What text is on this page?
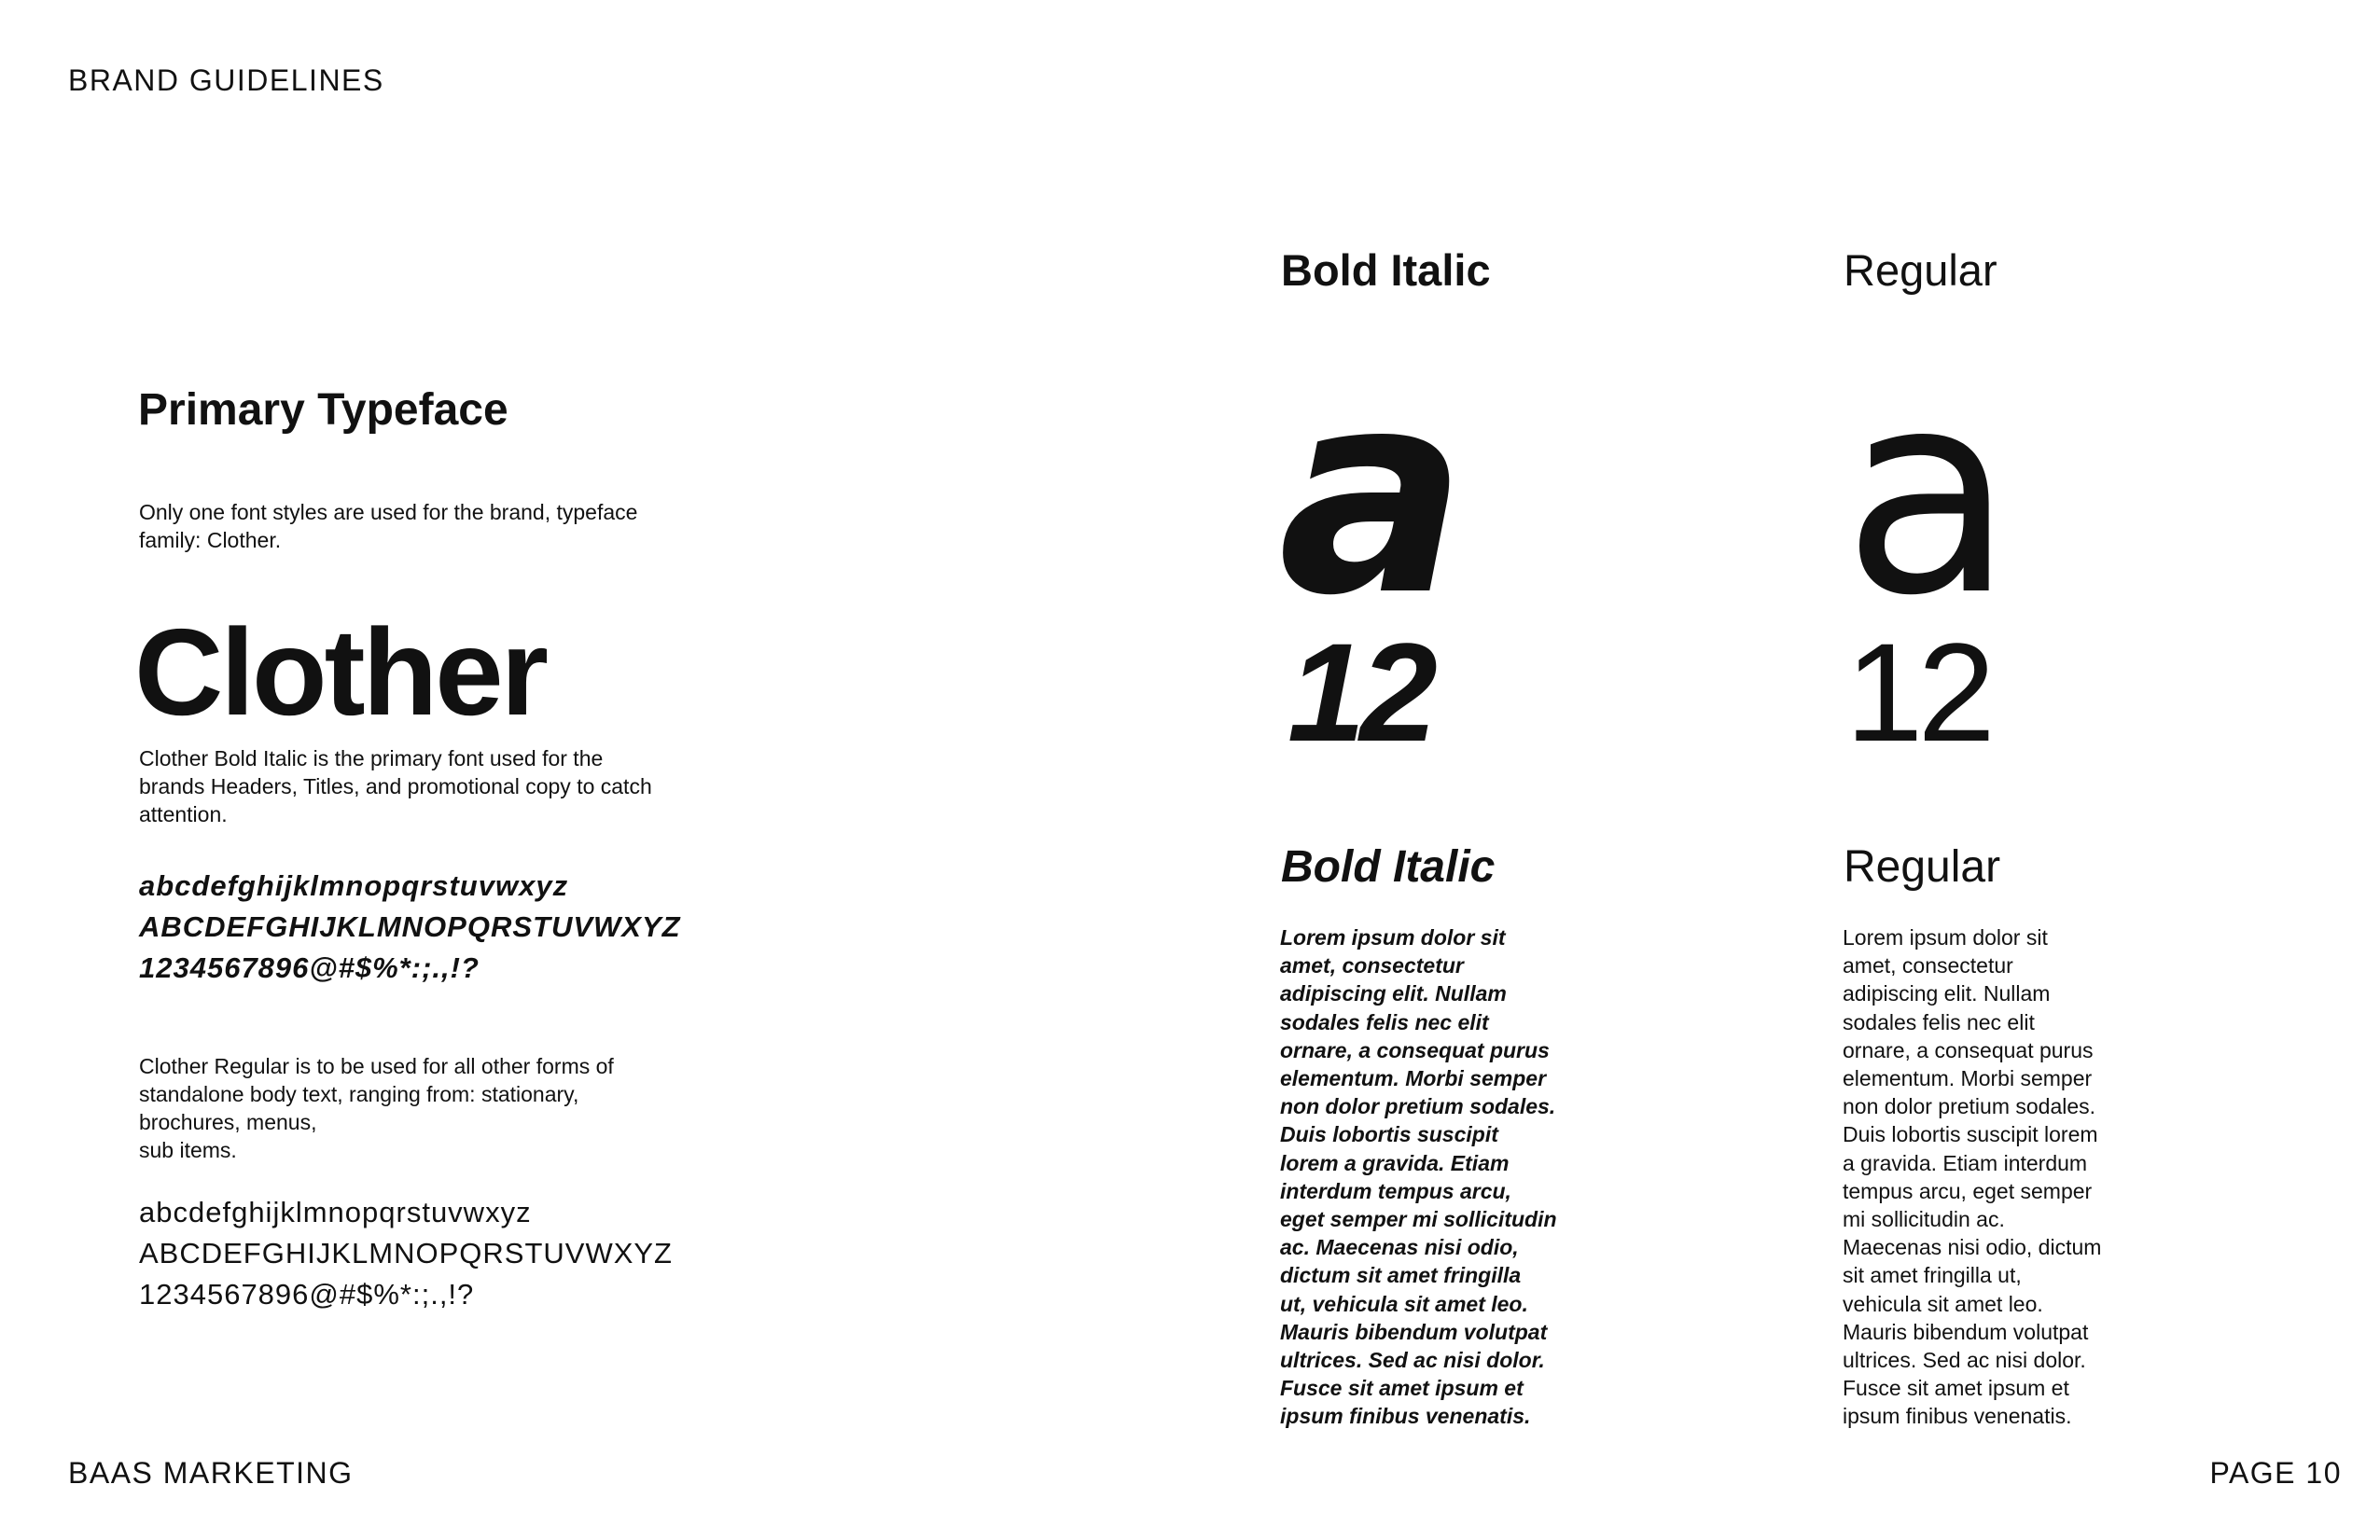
BRAND GUIDELINES
BAAS MARKETING	PAGE 10
Primary Typeface
Only one font styles are used for the brand, typeface
family: Clother.
Clother
Clother Bold Italic is the primary font used for the
brands Headers, Titles, and promotional copy to catch
attention.
abcdefghijklmnopqrstuvwxyz
ABCDEFGHIJKLMNOPQRSTUVWXYZ
1234567896@#$%*:;.,!?
Clother Regular is to be used for all other forms of
standalone body text, ranging from: stationary,
brochures, menus,
sub items.
abcdefghijklmnopqrstuvwxyz
ABCDEFGHIJKLMNOPQRSTUVWXYZ
1234567896@#$%*:;.,!?
Bold Italic
a
12
Bold Italic
Lorem ipsum dolor sit
amet, consectetur
adipiscing elit. Nullam
sodales felis nec elit
ornare, a consequat purus
elementum. Morbi semper
non dolor pretium sodales.
Duis lobortis suscipit
lorem a gravida. Etiam
interdum tempus arcu,
eget semper mi sollicitudin
ac. Maecenas nisi odio,
dictum sit amet fringilla
ut, vehicula sit amet leo.
Mauris bibendum volutpat
ultrices. Sed ac nisi dolor.
Fusce sit amet ipsum et
ipsum finibus venenatis.
Regular
a
12
Regular
Lorem ipsum dolor sit
amet, consectetur
adipiscing elit. Nullam
sodales felis nec elit
ornare, a consequat purus
elementum. Morbi semper
non dolor pretium sodales.
Duis lobortis suscipit lorem
a gravida. Etiam interdum
tempus arcu, eget semper
mi sollicitudin ac.
Maecenas nisi odio, dictum
sit amet fringilla ut,
vehicula sit amet leo.
Mauris bibendum volutpat
ultrices. Sed ac nisi dolor.
Fusce sit amet ipsum et
ipsum finibus venenatis.
